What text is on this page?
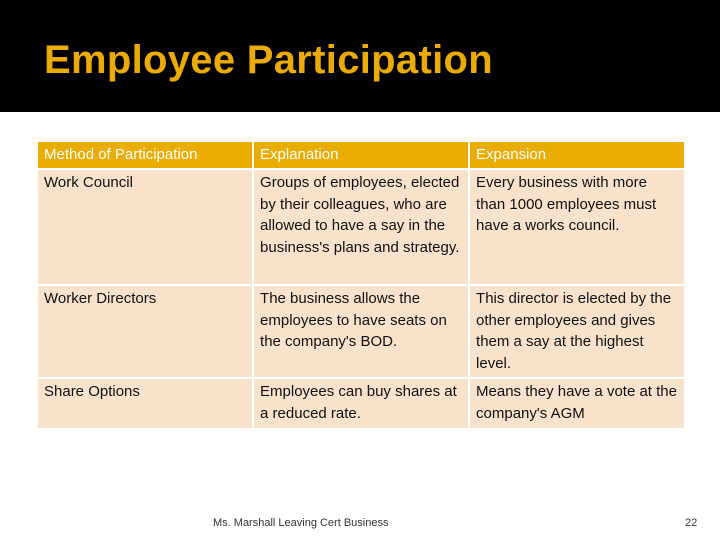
Employee Participation
Method of Participation	Explanation	Expansion
Work Council	Groups of employees, elected by their colleagues, who are allowed to have a say in the business's plans and strategy.	Every business with more than 1000 employees must have a works council.
Worker Directors	The business allows the employees to have seats on the company's BOD.	This director is elected by the other employees and gives them a say at the highest level.
Share Options	Employees can buy shares at a reduced rate.	Means they have a vote at the company's AGM
Ms. Marshall Leaving Cert Business	22
